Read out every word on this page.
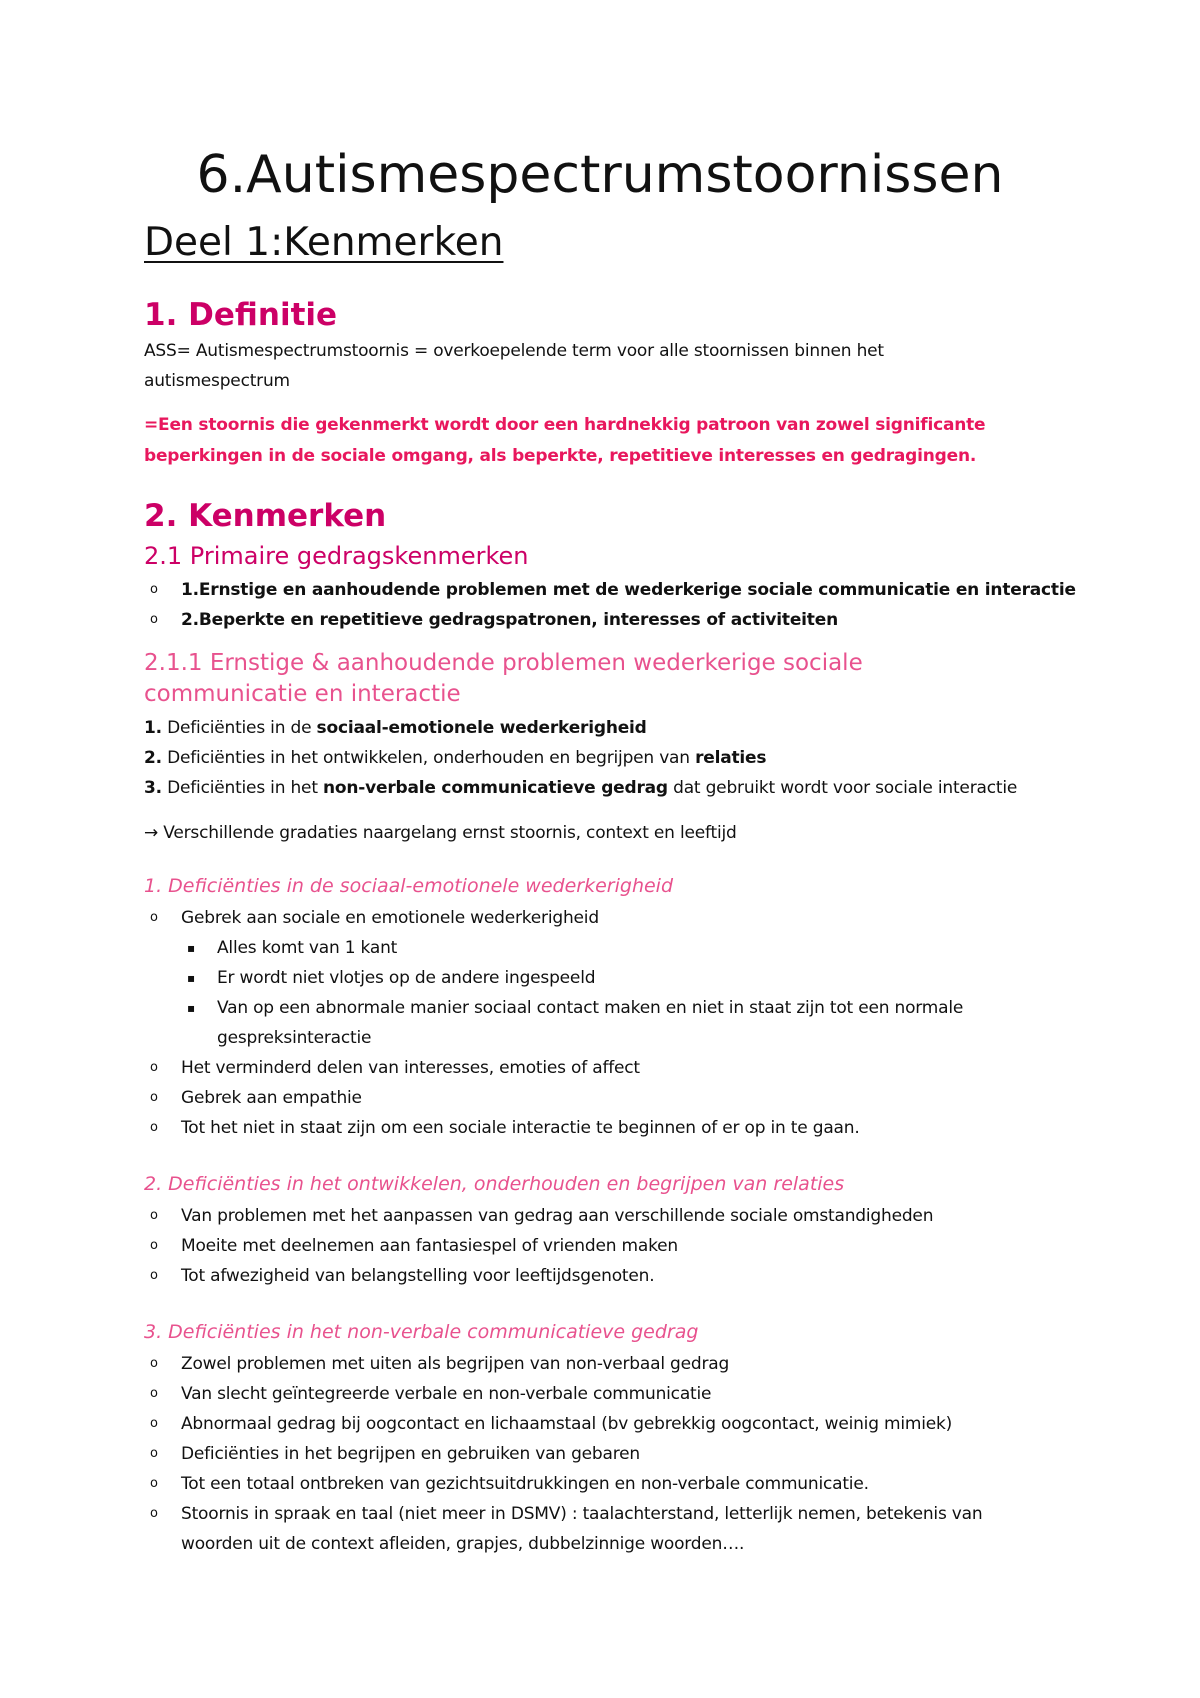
6.Autismespectrumstoornissen
Deel 1:Kenmerken
1. Definitie
ASS= Autismespectrumstoornis = overkoepelende term voor alle stoornissen binnen het
autismespectrum
=Een stoornis die gekenmerkt wordt door een hardnekkig patroon van zowel significante
beperkingen in de sociale omgang, als beperkte, repetitieve interesses en gedragingen.
2. Kenmerken
2.1 Primaire gedragskenmerken
o 1.Ernstige en aanhoudende problemen met de wederkerige sociale communicatie en interactie
o 2.Beperkte en repetitieve gedragspatronen, interesses of activiteiten
2.1.1 Ernstige & aanhoudende problemen wederkerige sociale
communicatie en interactie
1. Deficiënties in de sociaal-emotionele wederkerigheid
2. Deficiënties in het ontwikkelen, onderhouden en begrijpen van relaties
3. Deficiënties in het non-verbale communicatieve gedrag dat gebruikt wordt voor sociale interactie
→ Verschillende gradaties naargelang ernst stoornis, context en leeftijd
1. Deficiënties in de sociaal-emotionele wederkerigheid
o Gebrek aan sociale en emotionele wederkerigheid
▪ Alles komt van 1 kant
▪ Er wordt niet vlotjes op de andere ingespeeld
▪ Van op een abnormale manier sociaal contact maken en niet in staat zijn tot een normale
gespreksinteractie
o Het verminderd delen van interesses, emoties of affect
o Gebrek aan empathie
o Tot het niet in staat zijn om een sociale interactie te beginnen of er op in te gaan.
2. Deficiënties in het ontwikkelen, onderhouden en begrijpen van relaties
o Van problemen met het aanpassen van gedrag aan verschillende sociale omstandigheden
o Moeite met deelnemen aan fantasiespel of vrienden maken
o Tot afwezigheid van belangstelling voor leeftijdsgenoten.
3. Deficiënties in het non-verbale communicatieve gedrag
o Zowel problemen met uiten als begrijpen van non-verbaal gedrag
o Van slecht geïntegreerde verbale en non-verbale communicatie
o Abnormaal gedrag bij oogcontact en lichaamstaal (bv gebrekkig oogcontact, weinig mimiek)
o Deficiënties in het begrijpen en gebruiken van gebaren
o Tot een totaal ontbreken van gezichtsuitdrukkingen en non-verbale communicatie.
o Stoornis in spraak en taal (niet meer in DSMV) : taalachterstand, letterlijk nemen, betekenis van
woorden uit de context afleiden, grapjes, dubbelzinnige woorden….
